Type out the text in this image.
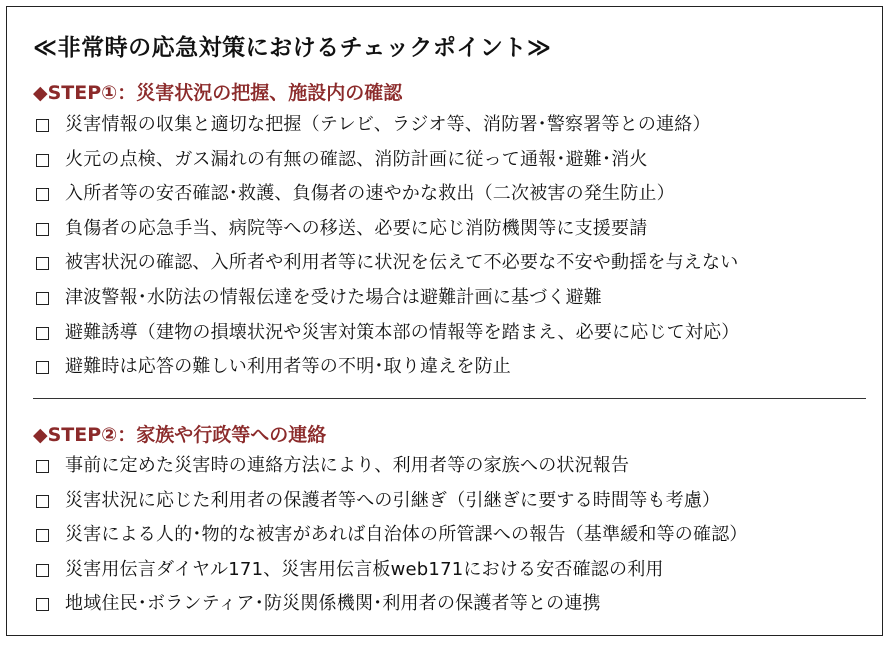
≪非常時の応急対策におけるチェックポイント≫
◆STEP①：災害状況の把握、施設内の確認
災害情報の収集と適切な把握（テレビ、ラジオ等、消防署･警察署等との連絡）
火元の点検、ガス漏れの有無の確認、消防計画に従って通報･避難･消火
入所者等の安否確認･救護、負傷者の速やかな救出（二次被害の発生防止）
負傷者の応急手当、病院等への移送、必要に応じ消防機関等に支援要請
被害状況の確認、入所者や利用者等に状況を伝えて不必要な不安や動揺を与えない
津波警報･水防法の情報伝達を受けた場合は避難計画に基づく避難
避難誘導（建物の損壊状況や災害対策本部の情報等を踏まえ、必要に応じて対応）
避難時は応答の難しい利用者等の不明･取り違えを防止
◆STEP②：家族や行政等への連絡
事前に定めた災害時の連絡方法により、利用者等の家族への状況報告
災害状況に応じた利用者の保護者等への引継ぎ（引継ぎに要する時間等も考慮）
災害による人的･物的な被害があれば自治体の所管課への報告（基準緩和等の確認）
災害用伝言ダイヤル171、災害用伝言板web171における安否確認の利用
地域住民･ボランティア･防災関係機関･利用者の保護者等との連携
